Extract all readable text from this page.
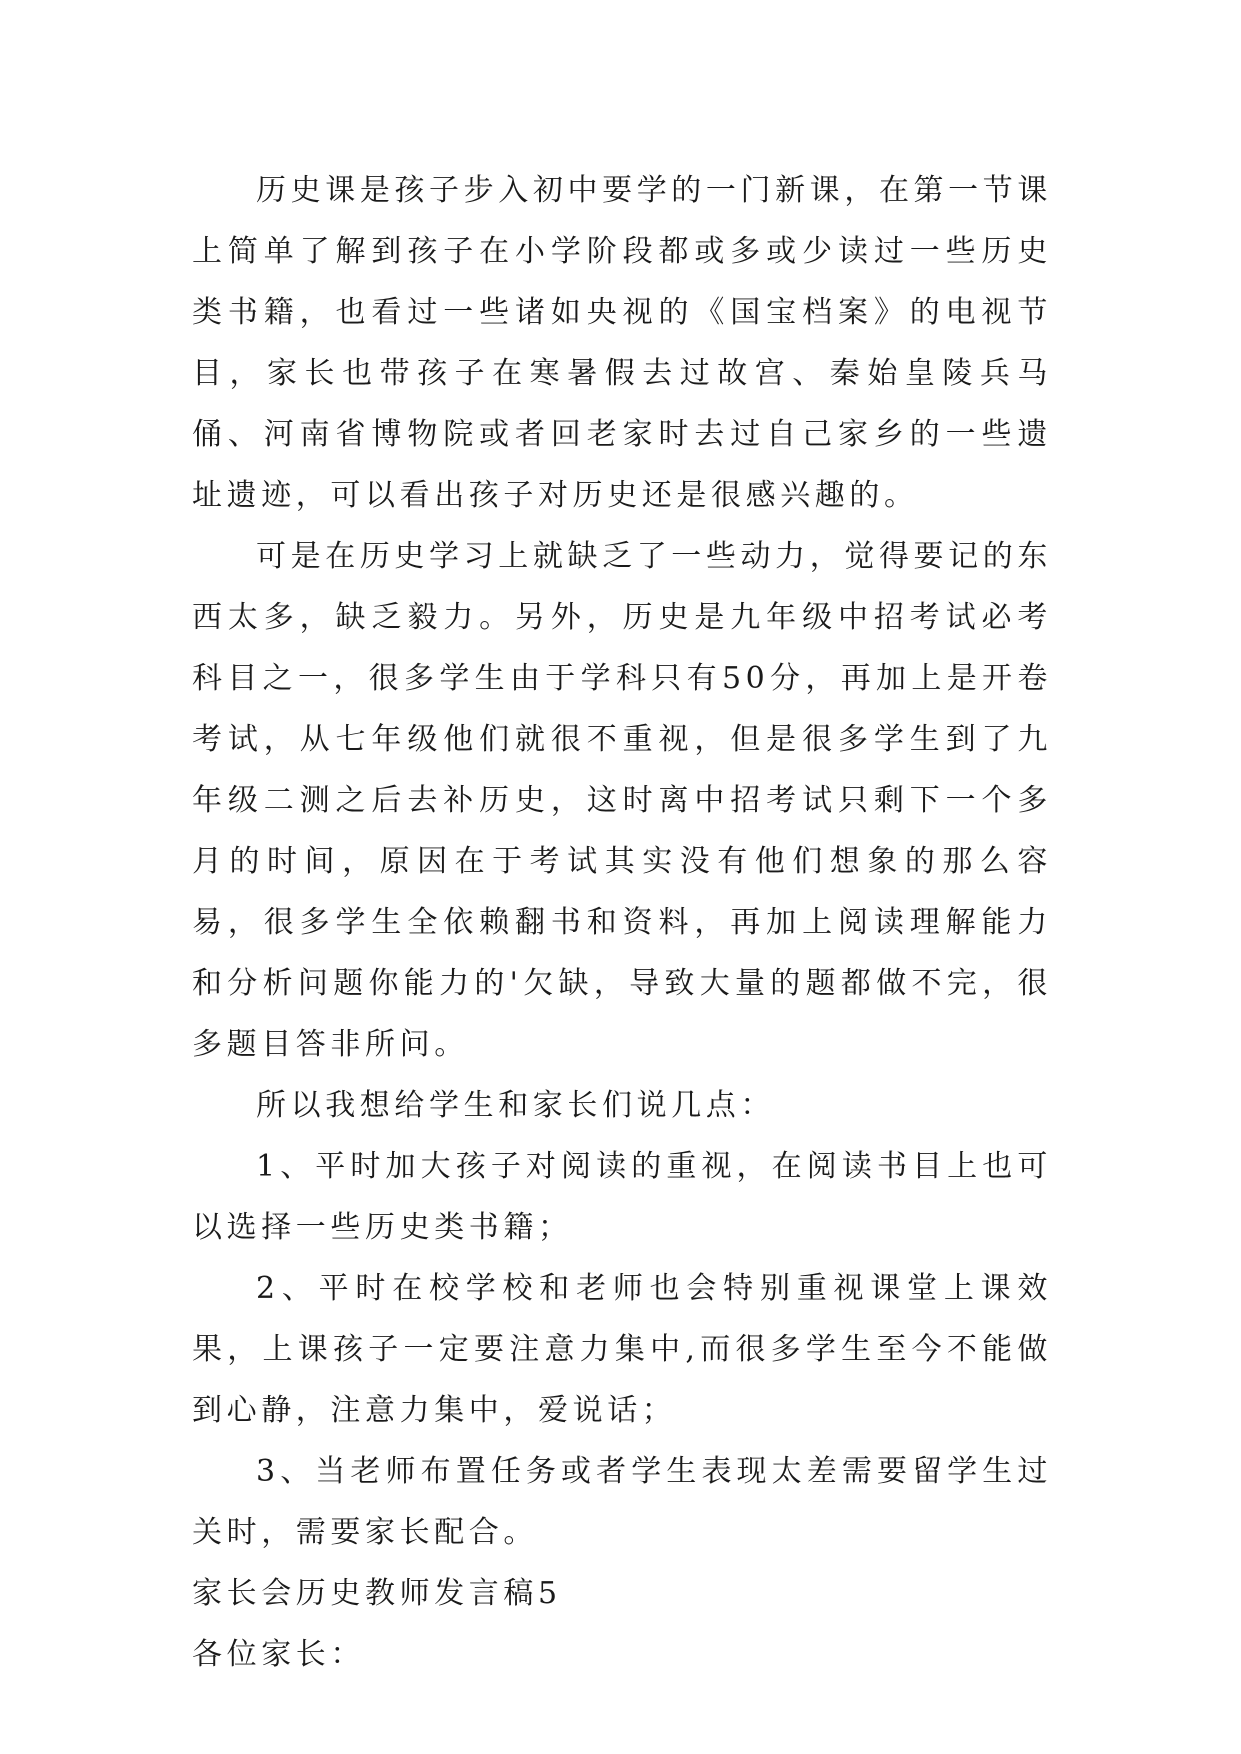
历史课是孩子步入初中要学的一门新课，在第一节课上简单了解到孩子在小学阶段都或多或少读过一些历史类书籍，也看过一些诸如央视的《国宝档案》的电视节目，家长也带孩子在寒暑假去过故宫、秦始皇陵兵马俑、河南省博物院或者回老家时去过自己家乡的一些遗址遗迹，可以看出孩子对历史还是很感兴趣的。

可是在历史学习上就缺乏了一些动力，觉得要记的东西太多，缺乏毅力。另外，历史是九年级中招考试必考科目之一，很多学生由于学科只有50分，再加上是开卷考试，从七年级他们就很不重视，但是很多学生到了九年级二测之后去补历史，这时离中招考试只剩下一个多月的时间，原因在于考试其实没有他们想象的那么容易，很多学生全依赖翻书和资料，再加上阅读理解能力和分析问题你能力的'欠缺，导致大量的题都做不完，很多题目答非所问。

所以我想给学生和家长们说几点：

1、平时加大孩子对阅读的重视，在阅读书目上也可以选择一些历史类书籍；

2、平时在校学校和老师也会特别重视课堂上课效果，上课孩子一定要注意力集中,而很多学生至今不能做到心静，注意力集中，爱说话；

3、当老师布置任务或者学生表现太差需要留学生过关时，需要家长配合。

家长会历史教师发言稿5

各位家长：
